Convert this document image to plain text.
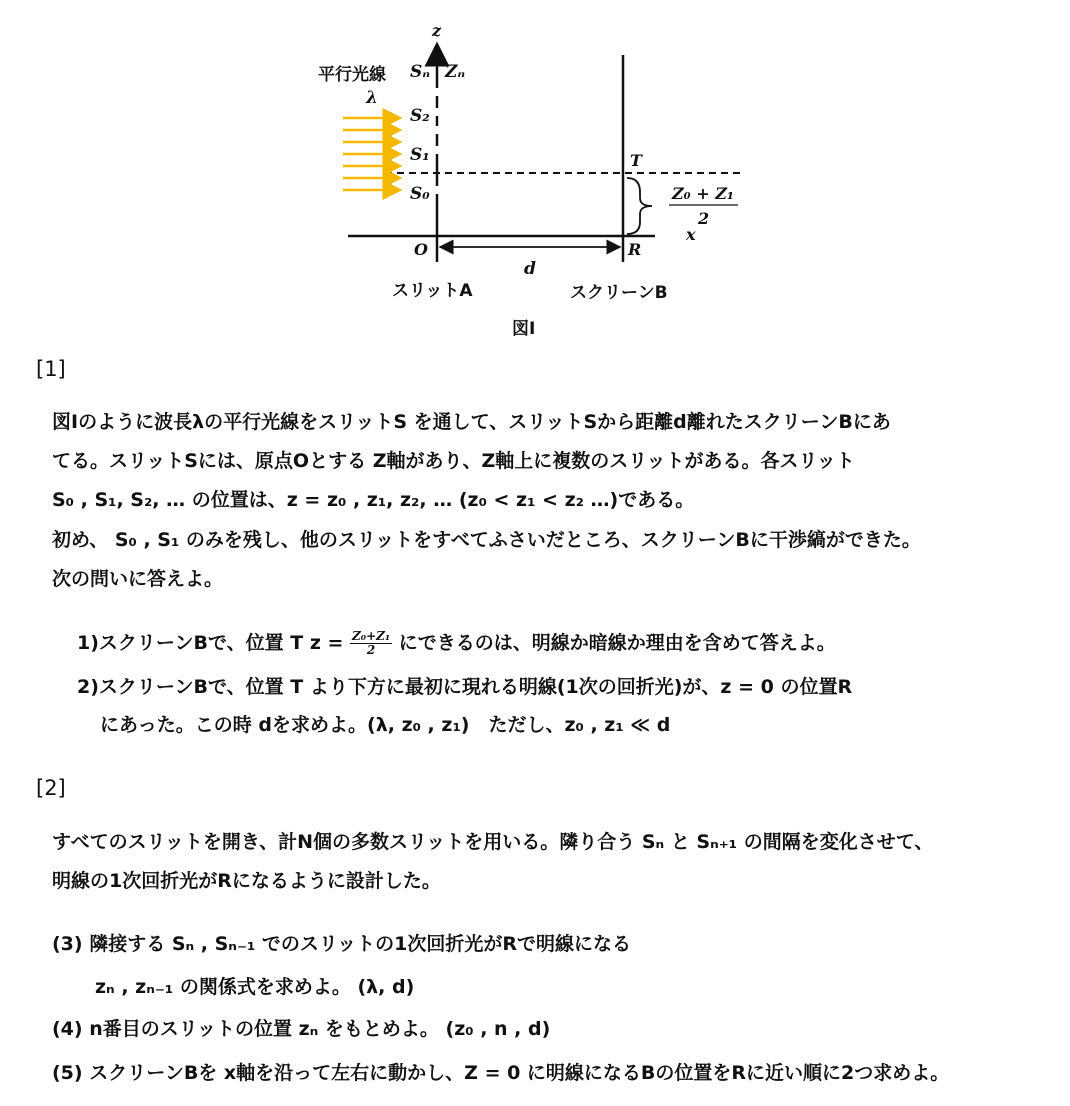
z
x
平行光線
λ
Sₙ Zₙ
S₂
S₁
S₀
T
O	R
Z₀ + Z₁
2
d
スリットA	スクリーンB
図Ⅰ
[1]
図Ⅰのように波長λの平行光線をスリットS を通して、スリットSから距離d離れたスクリーンBにあ
てる。スリットSには、原点Oとする Z軸があり、Z軸上に複数のスリットがある。各スリット
S₀ , S₁, S₂, … の位置は、z = z₀ , z₁, z₂, … (z₀ < z₁ < z₂ …)である。
初め、 S₀ , S₁ のみを残し、他のスリットをすべてふさいだところ、スクリーンBに干渉縞ができた。
次の問いに答えよ。
1)スクリーンBで、位置 T $z = \frac{\text{Z₀+Z₁}}{2}$ にできるのは、明線か暗線か理由を含めて答えよ。
2)スクリーンBで、位置 T より下方に最初に現れる明線(1次の回折光)が、z = 0 の位置R
にあった。この時 dを求めよ。(λ, z₀ , z₁)　ただし、z₀ , z₁ ≪ d
[2]
すべてのスリットを開き、計N個の多数スリットを用いる。隣り合う Sₙ と Sₙ₊₁ の間隔を変化させて、
明線の1次回折光がRになるように設計した。
(3) 隣接する Sₙ , Sₙ₋₁ でのスリットの1次回折光がRで明線になる
zₙ , zₙ₋₁ の関係式を求めよ。 (λ, d)
(4) n番目のスリットの位置 zₙ をもとめよ。 (z₀ , n , d)
(5) スクリーンBを x軸を沿って左右に動かし、Z = 0 に明線になるBの位置をRに近い順に2つ求めよ。
